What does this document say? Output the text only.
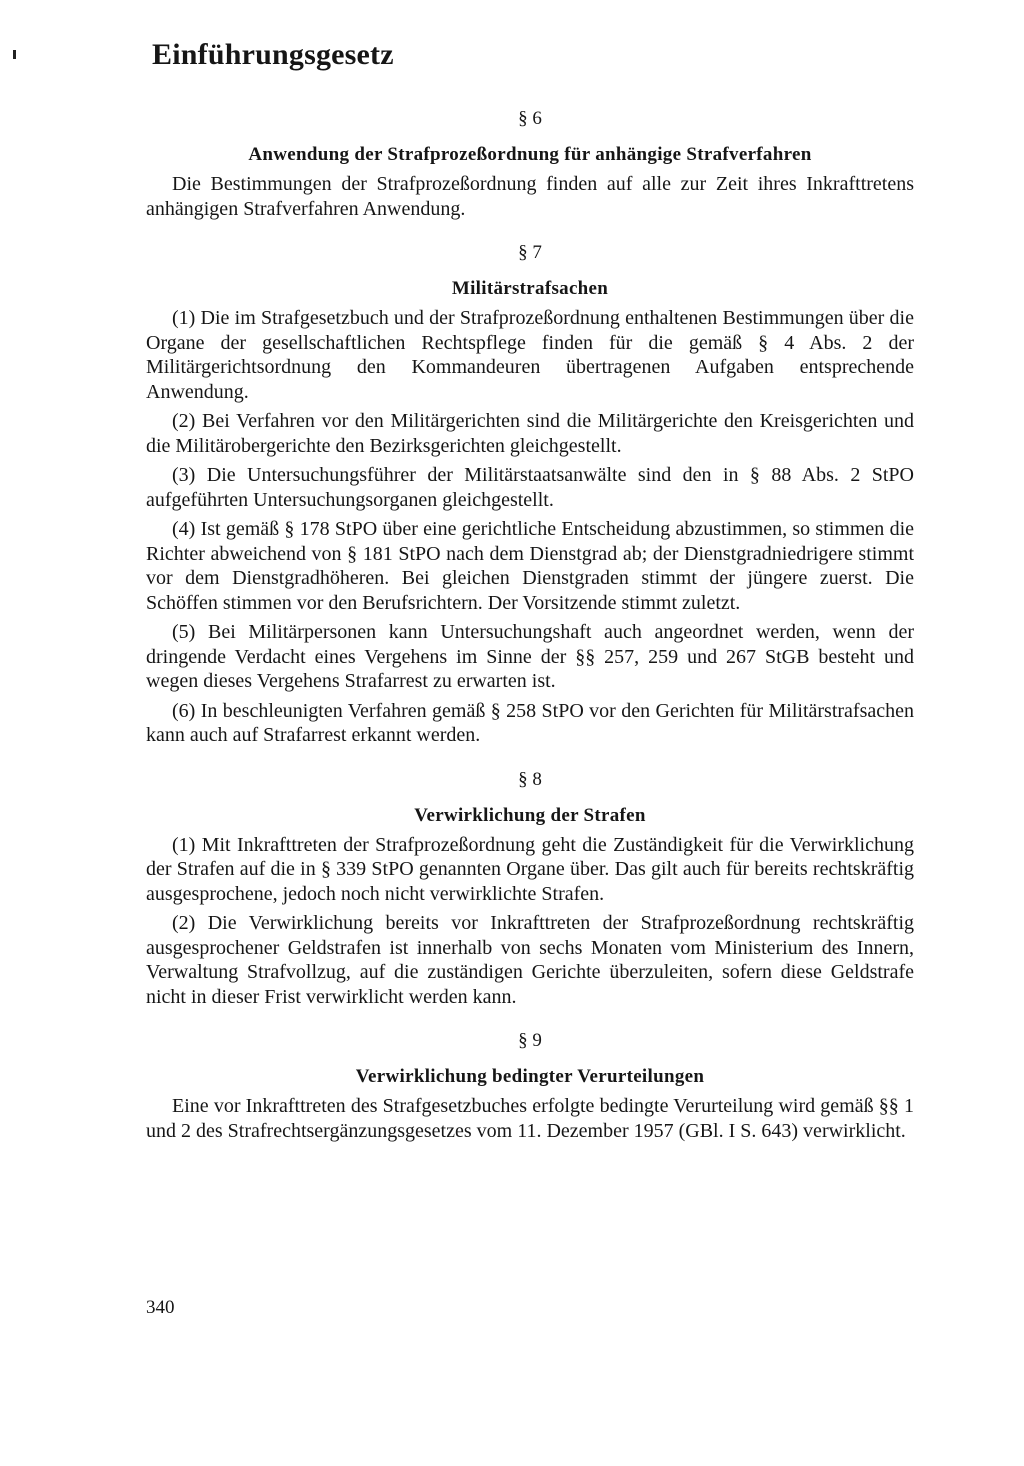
Einführungsgesetz
§ 6
Anwendung der Strafprozeßordnung für anhängige Strafverfahren

Die Bestimmungen der Strafprozeßordnung finden auf alle zur Zeit ihres Inkrafttretens anhängigen Strafverfahren Anwendung.

§ 7
Militärstrafsachen

(1) Die im Strafgesetzbuch und der Strafprozeßordnung enthaltenen Bestimmungen über die Organe der gesellschaftlichen Rechtspflege finden für die gemäß § 4 Abs. 2 der Militärgerichtsordnung den Kommandeuren übertragenen Aufgaben entsprechende Anwendung.

(2) Bei Verfahren vor den Militärgerichten sind die Militärgerichte den Kreisgerichten und die Militärobergerichte den Bezirksgerichten gleichgestellt.

(3) Die Untersuchungsführer der Militärstaatsanwälte sind den in § 88 Abs. 2 StPO aufgeführten Untersuchungsorganen gleichgestellt.

(4) Ist gemäß § 178 StPO über eine gerichtliche Entscheidung abzustimmen, so stimmen die Richter abweichend von § 181 StPO nach dem Dienstgrad ab; der Dienstgradniedrigere stimmt vor dem Dienstgradhöheren. Bei gleichen Dienstgraden stimmt der jüngere zuerst. Die Schöffen stimmen vor den Berufsrichtern. Der Vorsitzende stimmt zuletzt.

(5) Bei Militärpersonen kann Untersuchungshaft auch angeordnet werden, wenn der dringende Verdacht eines Vergehens im Sinne der §§ 257, 259 und 267 StGB besteht und wegen dieses Vergehens Strafarrest zu erwarten ist.

(6) In beschleunigten Verfahren gemäß § 258 StPO vor den Gerichten für Militärstrafsachen kann auch auf Strafarrest erkannt werden.

§ 8
Verwirklichung der Strafen

(1) Mit Inkrafttreten der Strafprozeßordnung geht die Zuständigkeit für die Verwirklichung der Strafen auf die in § 339 StPO genannten Organe über. Das gilt auch für bereits rechtskräftig ausgesprochene, jedoch noch nicht verwirklichte Strafen.

(2) Die Verwirklichung bereits vor Inkrafttreten der Strafprozeßordnung rechtskräftig ausgesprochener Geldstrafen ist innerhalb von sechs Monaten vom Ministerium des Innern, Verwaltung Strafvollzug, auf die zuständigen Gerichte überzuleiten, sofern diese Geldstrafe nicht in dieser Frist verwirklicht werden kann.

§ 9
Verwirklichung bedingter Verurteilungen

Eine vor Inkrafttreten des Strafgesetzbuches erfolgte bedingte Verurteilung wird gemäß §§ 1 und 2 des Strafrechtsergänzungsgesetzes vom 11. Dezember 1957 (GBl. I S. 643) verwirklicht.

340
